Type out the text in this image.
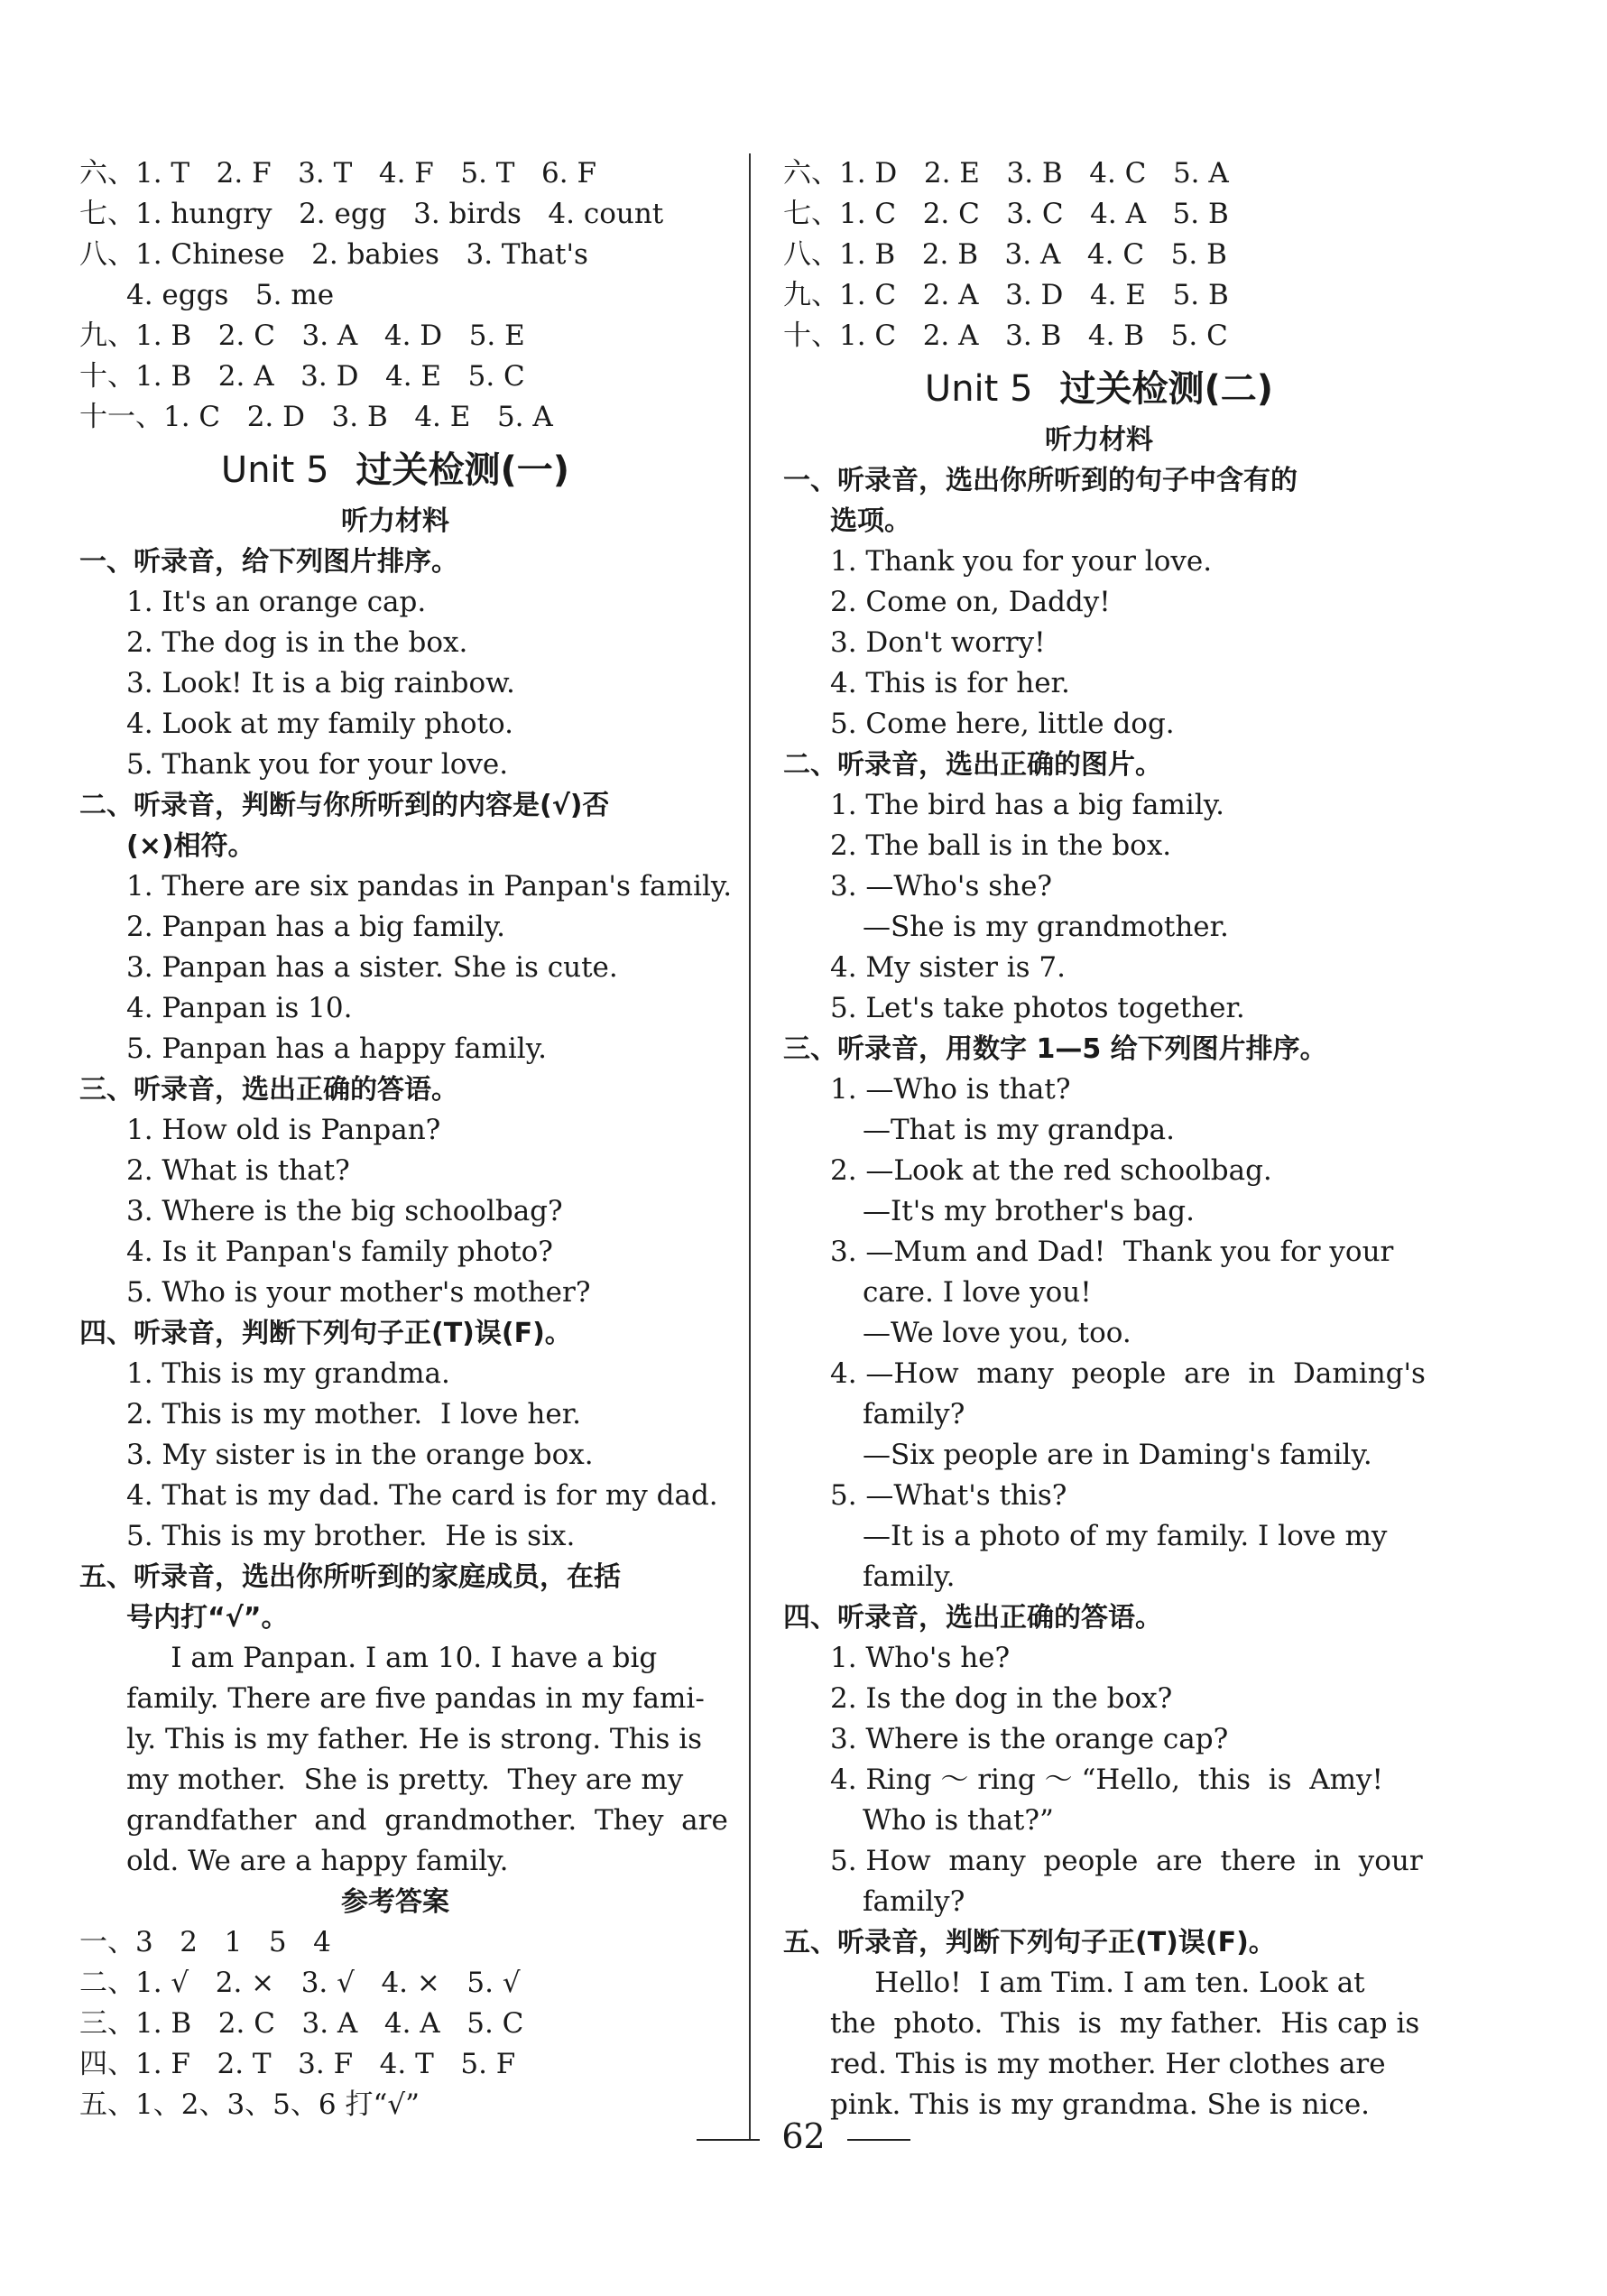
六、1. T   2. F   3. T   4. F   5. T   6. F
七、1. hungry   2. egg   3. birds   4. count
八、1. Chinese   2. babies   3. That's
4. eggs   5. me
九、1. B   2. C   3. A   4. D   5. E
十、1. B   2. A   3. D   4. E   5. C
十一、1. C   2. D   3. B   4. E   5. A
Unit 5 过关检测(一)
听力材料
一、听录音，给下列图片排序。
1. It's an orange cap.
2. The dog is in the box.
3. Look! It is a big rainbow.
4. Look at my family photo.
5. Thank you for your love.
二、听录音，判断与你所听到的内容是(√)否
(×)相符。
1. There are six pandas in Panpan's family.
2. Panpan has a big family.
3. Panpan has a sister. She is cute.
4. Panpan is 10.
5. Panpan has a happy family.
三、听录音，选出正确的答语。
1. How old is Panpan?
2. What is that?
3. Where is the big schoolbag?
4. Is it Panpan's family photo?
5. Who is your mother's mother?
四、听录音，判断下列句子正(T)误(F)。
1. This is my grandma.
2. This is my mother.  I love her.
3. My sister is in the orange box.
4. That is my dad. The card is for my dad.
5. This is my brother.  He is six.
五、听录音，选出你所听到的家庭成员，在括
号内打“√”。
I am Panpan. I am 10. I have a big
family. There are five pandas in my fami-
ly. This is my father. He is strong. This is
my mother.  She is pretty.  They are my
grandfather  and  grandmother.  They  are
old. We are a happy family.
参考答案
一、3   2   1   5   4
二、1. √   2. ×   3. √   4. ×   5. √
三、1. B   2. C   3. A   4. A   5. C
四、1. F   2. T   3. F   4. T   5. F
五、1、2、3、5、6 打“√”
六、1. D   2. E   3. B   4. C   5. A
七、1. C   2. C   3. C   4. A   5. B
八、1. B   2. B   3. A   4. C   5. B
九、1. C   2. A   3. D   4. E   5. B
十、1. C   2. A   3. B   4. B   5. C
Unit 5 过关检测(二)
听力材料
一、听录音，选出你所听到的句子中含有的
选项。
1. Thank you for your love.
2. Come on, Daddy!
3. Don't worry!
4. This is for her.
5. Come here, little dog.
二、听录音，选出正确的图片。
1. The bird has a big family.
2. The ball is in the box.
3. —Who's she?
—She is my grandmother.
4. My sister is 7.
5. Let's take photos together.
三、听录音，用数字 1—5 给下列图片排序。
1. —Who is that?
—That is my grandpa.
2. —Look at the red schoolbag.
—It's my brother's bag.
3. —Mum and Dad!  Thank you for your
care. I love you!
—We love you, too.
4. —How  many  people  are  in  Daming's
family?
—Six people are in Daming's family.
5. —What's this?
—It is a photo of my family. I love my
family.
四、听录音，选出正确的答语。
1. Who's he?
2. Is the dog in the box?
3. Where is the orange cap?
4. Ring ～ ring ～ “Hello,  this  is  Amy!
Who is that?”
5. How  many  people  are  there  in  your
family?
五、听录音，判断下列句子正(T)误(F)。
Hello!  I am Tim. I am ten. Look at
the  photo.  This  is  my father.  His cap is
red. This is my mother. Her clothes are
pink. This is my grandma. She is nice.
62
